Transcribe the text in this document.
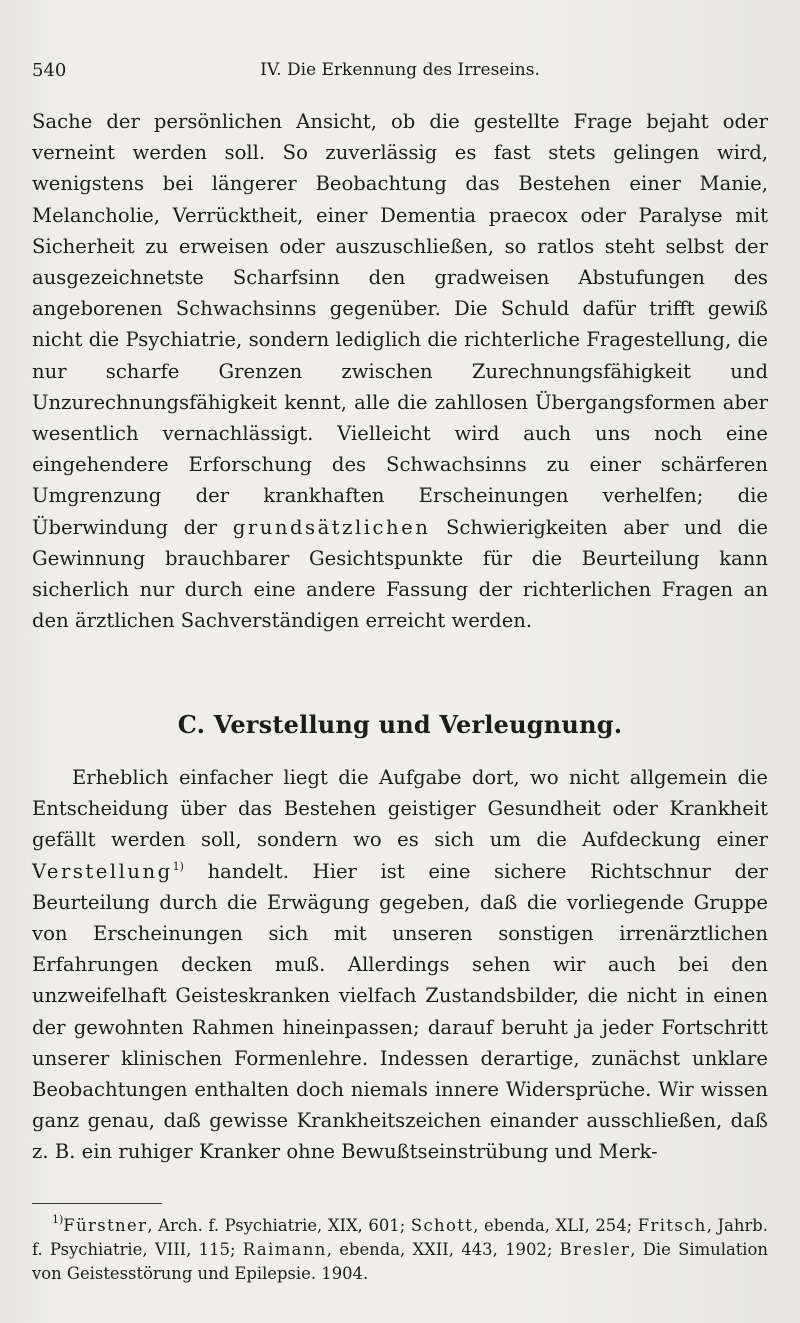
540	IV. Die Erkennung des Irreseins.

Sache der persönlichen Ansicht, ob die gestellte Frage bejaht oder verneint werden soll. So zuverlässig es fast stets gelingen wird, wenigstens bei längerer Beobachtung das Bestehen einer Manie, Melancholie, Verrücktheit, einer Dementia praecox oder Paralyse mit Sicherheit zu erweisen oder auszuschließen, so ratlos steht selbst der ausgezeichnetste Scharfsinn den gradweisen Abstufungen des angeborenen Schwachsinns gegenüber. Die Schuld dafür trifft gewiß nicht die Psychiatrie, sondern lediglich die richterliche Fragestellung, die nur scharfe Grenzen zwischen Zurechnungsfähigkeit und Unzurechnungsfähigkeit kennt, alle die zahllosen Übergangsformen aber wesentlich vernachlässigt. Vielleicht wird auch uns noch eine eingehendere Erforschung des Schwachsinns zu einer schärferen Umgrenzung der krankhaften Erscheinungen verhelfen; die Überwindung der grundsätzlichen Schwierigkeiten aber und die Gewinnung brauchbarer Gesichtspunkte für die Beurteilung kann sicherlich nur durch eine andere Fassung der richterlichen Fragen an den ärztlichen Sachverständigen erreicht werden.

C. Verstellung und Verleugnung.

Erheblich einfacher liegt die Aufgabe dort, wo nicht allgemein die Entscheidung über das Bestehen geistiger Gesundheit oder Krankheit gefällt werden soll, sondern wo es sich um die Aufdeckung einer Verstellung$^{1)}$ handelt. Hier ist eine sichere Richtschnur der Beurteilung durch die Erwägung gegeben, daß die vorliegende Gruppe von Erscheinungen sich mit unseren sonstigen irrenärztlichen Erfahrungen decken muß. Allerdings sehen wir auch bei den unzweifelhaft Geisteskranken vielfach Zustandsbilder, die nicht in einen der gewohnten Rahmen hineinpassen; darauf beruht ja jeder Fortschritt unserer klinischen Formenlehre. Indessen derartige, zunächst unklare Beobachtungen enthalten doch niemals innere Widersprüche. Wir wissen ganz genau, daß gewisse Krankheitszeichen einander ausschließen, daß z. B. ein ruhiger Kranker ohne Bewußtseinstrübung und Merk-

$^{1)}$Fürstner, Arch. f. Psychiatrie, XIX, 601; Schott, ebenda, XLI, 254; Fritsch, Jahrb. f. Psychiatrie, VIII, 115; Raimann, ebenda, XXII, 443, 1902; Bresler, Die Simulation von Geistesstörung und Epilepsie. 1904.
